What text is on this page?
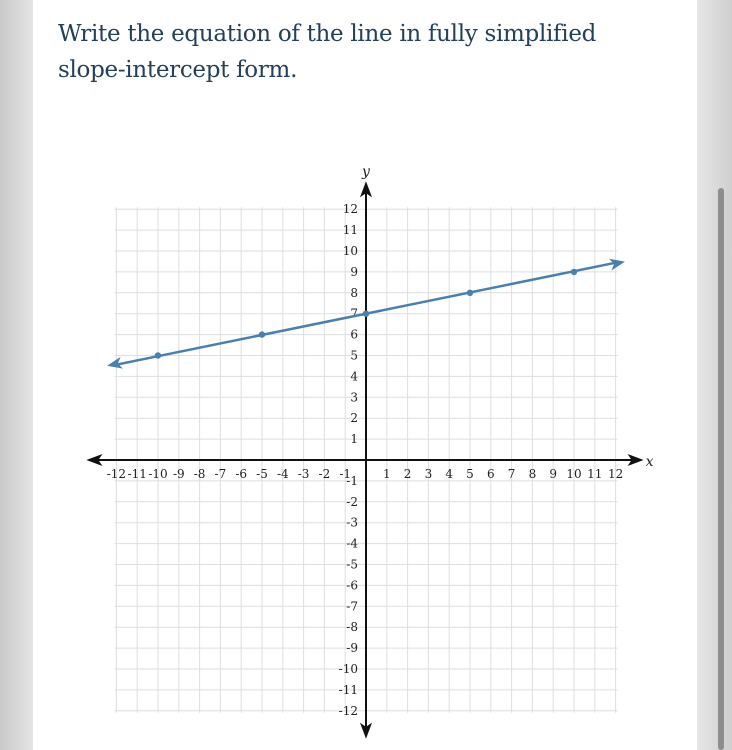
Write the equation of the line in fully simplified slope-intercept form.

x
y
-12 -11 -10 -9 -8 -7 -6 -5 -4 -3 -2 -1	1 2 3 4 5 6 7 8 9 10 11 12
-12
-11
-10
-9
-8
-7
-6
-5
-4
-3
-2
-1
1
2
3
4
5
6
7
8
9
10
11
12
